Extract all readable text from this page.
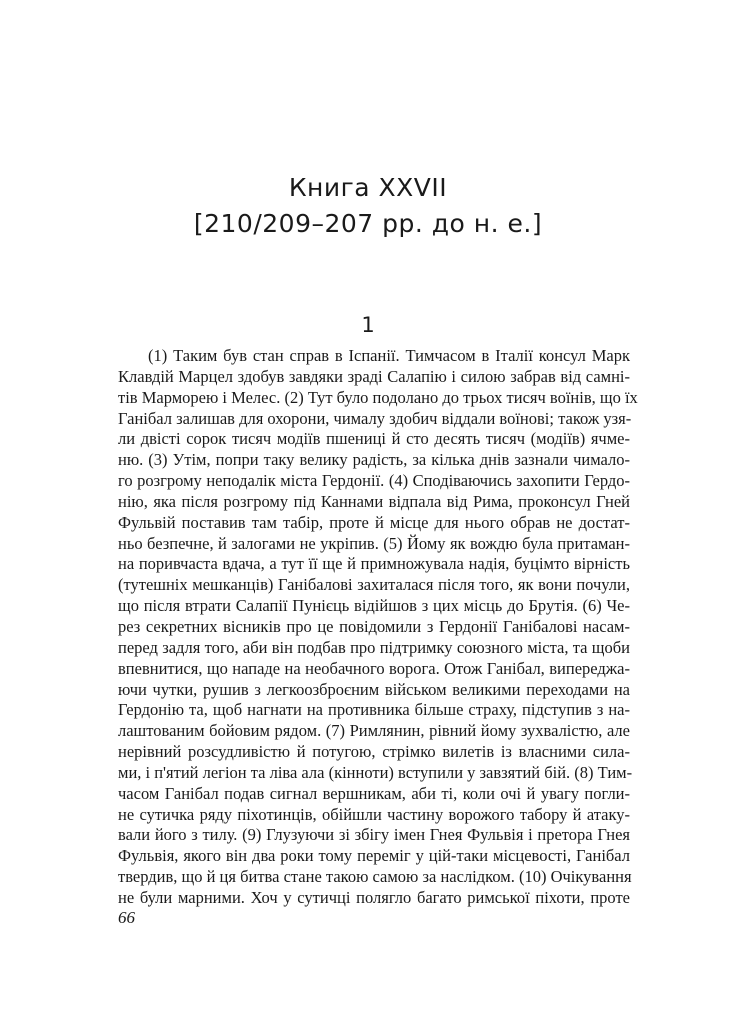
Книга XXVII
[210/209–207 рр. до н. е.]
1
(1) Таким був стан справ в Іспанії. Тимчасом в Італії консул Марк
Клавдій Марцел здобув завдяки зраді Салапію і силою забрав від самні-
тів Марморею і Мелес. (2) Тут було подолано до трьох тисяч воїнів, що їх
Ганібал залишав для охорони, чималу здобич віддали воїнові; також узя-
ли двісті сорок тисяч модіїв пшениці й сто десять тисяч (модіїв) ячме-
ню. (3) Утім, попри таку велику радість, за кілька днів зазнали чимало-
го розгрому неподалік міста Гердонії. (4) Сподіваючись захопити Гердо-
нію, яка після розгрому під Каннами відпала від Рима, проконсул Гней
Фульвій поставив там табір, проте й місце для нього обрав не достат-
ньо безпечне, й залогами не укріпив. (5) Йому як вождю була притаман-
на поривчаста вдача, а тут її ще й примножувала надія, буцімто вірність
(тутешніх мешканців) Ганібалові захиталася після того, як вони почули,
що після втрати Салапії Пунієць відійшов з цих місць до Брутія. (6) Че-
рез секретних вісників про це повідомили з Гердонії Ганібалові насам-
перед задля того, аби він подбав про підтримку союзного міста, та щоби
впевнитися, що нападе на необачного ворога. Отож Ганібал, випереджа-
ючи чутки, рушив з легкоозброєним військом великими переходами на
Гердонію та, щоб нагнати на противника більше страху, підступив з на-
лаштованим бойовим рядом. (7) Римлянин, рівний йому зухвалістю, але
нерівний розсудливістю й потугою, стрімко вилетів із власними сила-
ми, і п'ятий легіон та ліва ала (кінноти) вступили у завзятий бій. (8) Тим-
часом Ганібал подав сигнал вершникам, аби ті, коли очі й увагу погли-
не сутичка ряду піхотинців, обійшли частину ворожого табору й атаку-
вали його з тилу. (9) Глузуючи зі збігу імен Гнея Фульвія і претора Гнея
Фульвія, якого він два роки тому переміг у цій-таки місцевості, Ганібал
твердив, що й ця битва стане такою самою за наслідком. (10) Очікування
не були марними. Хоч у сутичці полягло багато римської піхоти, проте
66
